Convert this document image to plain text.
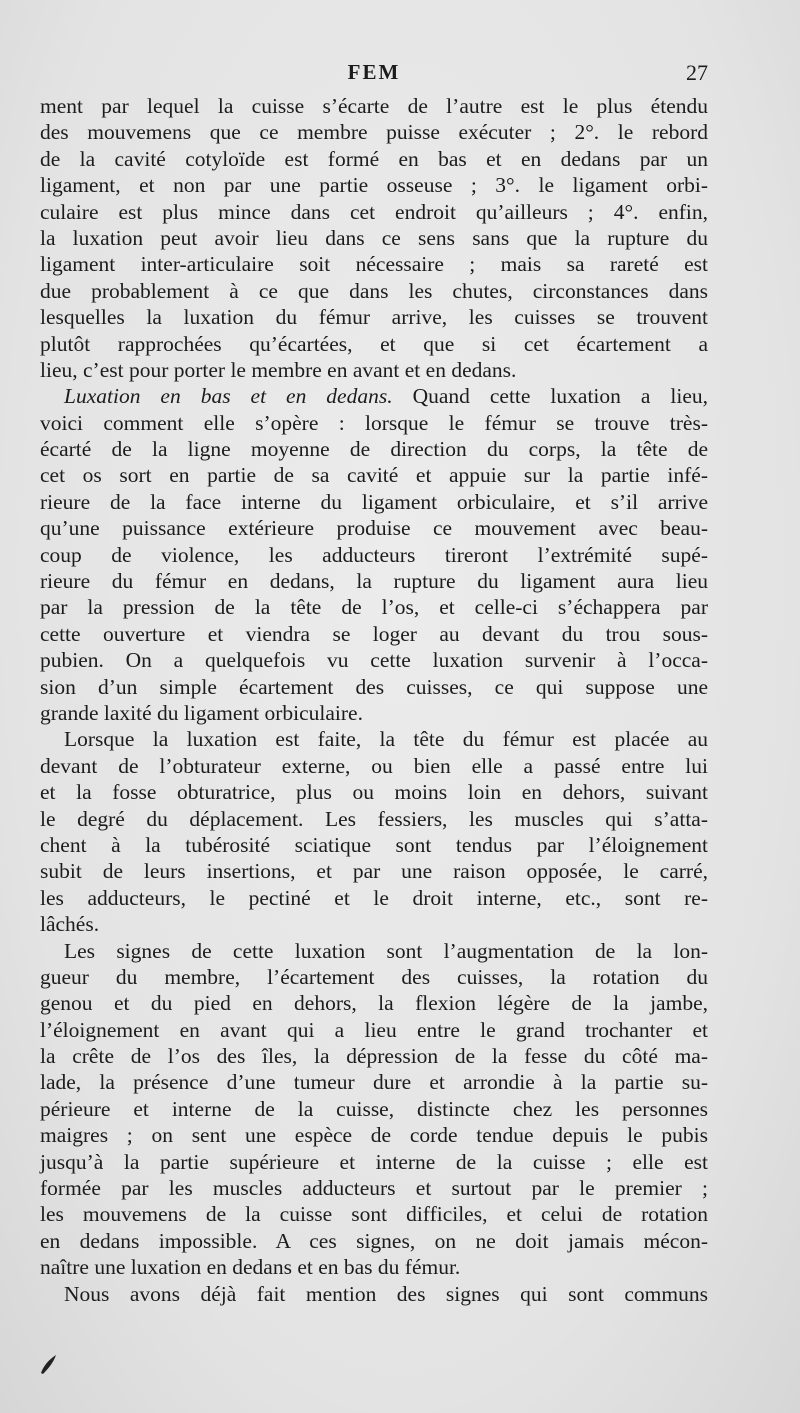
FEM	27
ment par lequel la cuisse s’écarte de l’autre est le plus étendu
des mouvemens que ce membre puisse exécuter ; 2°. le rebord
de la cavité cotyloïde est formé en bas et en dedans par un
ligament, et non par une partie osseuse ; 3°. le ligament orbi-
culaire est plus mince dans cet endroit qu’ailleurs ; 4°. enfin,
la luxation peut avoir lieu dans ce sens sans que la rupture du
ligament inter-articulaire soit nécessaire ; mais sa rareté est
due probablement à ce que dans les chutes, circonstances dans
lesquelles la luxation du fémur arrive, les cuisses se trouvent
plutôt rapprochées qu’écartées, et que si cet écartement a
lieu, c’est pour porter le membre en avant et en dedans.
Luxation en bas et en dedans. Quand cette luxation a lieu,
voici comment elle s’opère : lorsque le fémur se trouve très-
écarté de la ligne moyenne de direction du corps, la tête de
cet os sort en partie de sa cavité et appuie sur la partie infé-
rieure de la face interne du ligament orbiculaire, et s’il arrive
qu’une puissance extérieure produise ce mouvement avec beau-
coup de violence, les adducteurs tireront l’extrémité supé-
rieure du fémur en dedans, la rupture du ligament aura lieu
par la pression de la tête de l’os, et celle-ci s’échappera par
cette ouverture et viendra se loger au devant du trou sous-
pubien. On a quelquefois vu cette luxation survenir à l’occa-
sion d’un simple écartement des cuisses, ce qui suppose une
grande laxité du ligament orbiculaire.
Lorsque la luxation est faite, la tête du fémur est placée au
devant de l’obturateur externe, ou bien elle a passé entre lui
et la fosse obturatrice, plus ou moins loin en dehors, suivant
le degré du déplacement. Les fessiers, les muscles qui s’atta-
chent à la tubérosité sciatique sont tendus par l’éloignement
subit de leurs insertions, et par une raison opposée, le carré,
les adducteurs, le pectiné et le droit interne, etc., sont re-
lâchés.
Les signes de cette luxation sont l’augmentation de la lon-
gueur du membre, l’écartement des cuisses, la rotation du
genou et du pied en dehors, la flexion légère de la jambe,
l’éloignement en avant qui a lieu entre le grand trochanter et
la crête de l’os des îles, la dépression de la fesse du côté ma-
lade, la présence d’une tumeur dure et arrondie à la partie su-
périeure et interne de la cuisse, distincte chez les personnes
maigres ; on sent une espèce de corde tendue depuis le pubis
jusqu’à la partie supérieure et interne de la cuisse ; elle est
formée par les muscles adducteurs et surtout par le premier ;
les mouvemens de la cuisse sont difficiles, et celui de rotation
en dedans impossible. A ces signes, on ne doit jamais mécon-
naître une luxation en dedans et en bas du fémur.
Nous avons déjà fait mention des signes qui sont communs
